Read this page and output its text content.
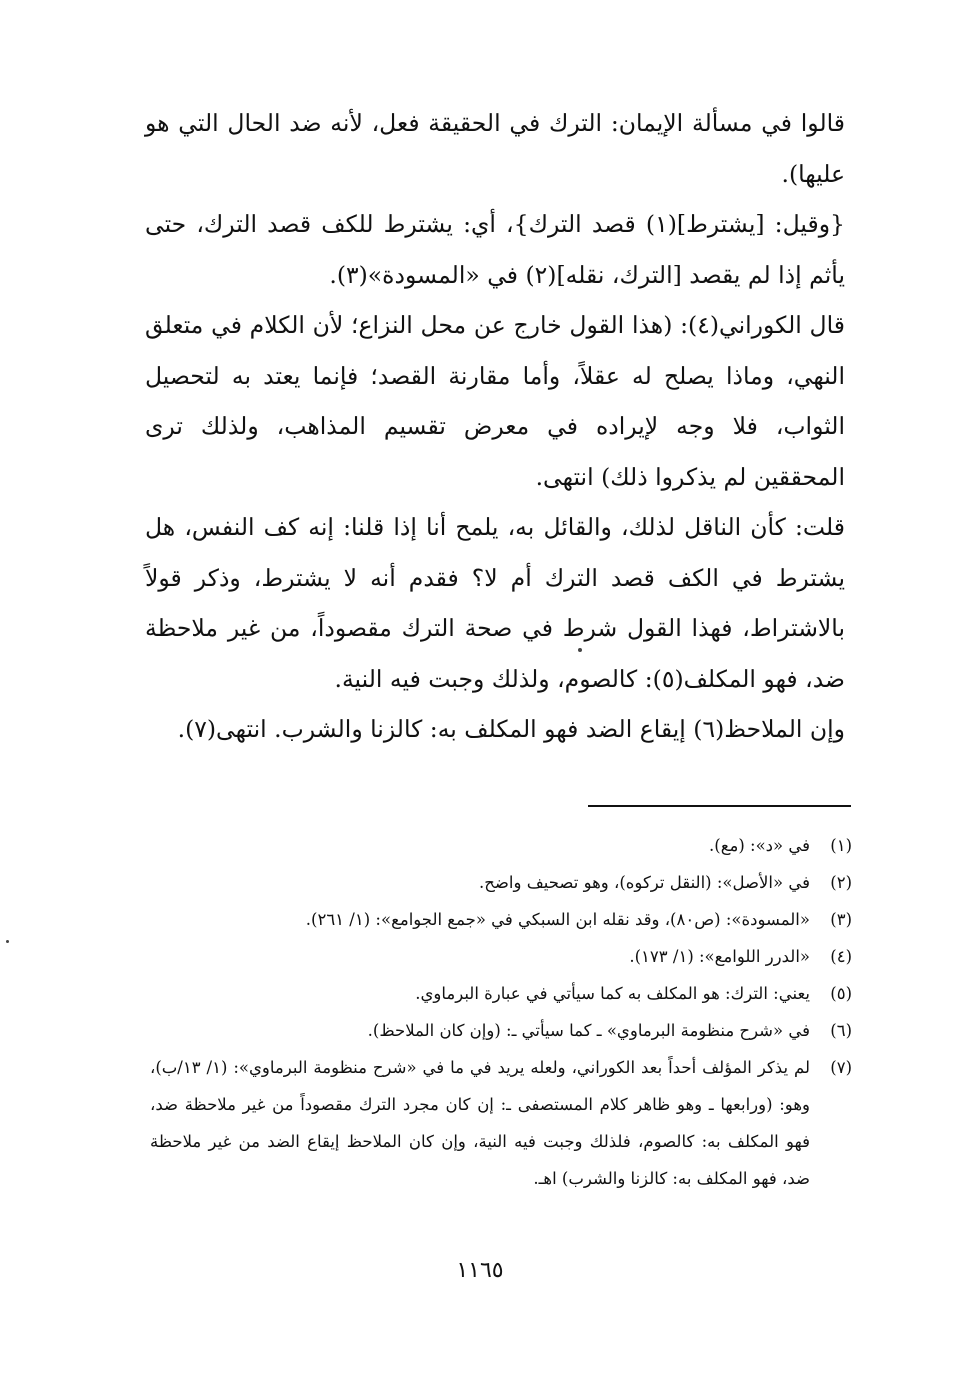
قالوا في مسألة الإيمان: الترك في الحقيقة فعل، لأنه ضد الحال التي هو عليها).

{وقيل: [يشترط](١) قصد الترك}، أي: يشترط للكف قصد الترك، حتى يأثم إذا لم يقصد [الترك، نقله](٢) في «المسودة»(٣).

قال الكوراني(٤): (هذا القول خارج عن محل النزاع؛ لأن الكلام في متعلق النهي، وماذا يصلح له عقلاً، وأما مقارنة القصد؛ فإنما يعتد به لتحصيل الثواب، فلا وجه لإيراده في معرض تقسيم المذاهب، ولذلك ترى المحققين لم يذكروا ذلك) انتهى.

قلت: كأن الناقل لذلك، والقائل به، يلمح أنا إذا قلنا: إنه كف النفس، هل يشترط في الكف قصد الترك أم لا؟ فقدم أنه لا يشترط، وذكر قولاً بالاشتراط، فهذا القول شرط في صحة الترك مقصوداً، من غير ملاحظة ضد، فهو المكلف(٥): كالصوم، ولذلك وجبت فيه النية.

وإن الملاحظ(٦) إيقاع الضد فهو المكلف به: كالزنا والشرب. انتهى(٧).

(١)
في «د»: (مع).
(٢)
في «الأصل»: (النقل تركوه)، وهو تصحيف واضح.
(٣)
«المسودة»: (ص٨٠)، وقد نقله ابن السبكي في «جمع الجوامع»: (١/ ٢٦١).
(٤)
«الدرر اللوامع»: (١/ ١٧٣).
(٥)
يعني: الترك: هو المكلف به كما سيأتي في عبارة البرماوي.
(٦)
في «شرح منظومة البرماوي» ـ كما سيأتي ـ: (وإن كان الملاحظ).
(٧)
لم يذكر المؤلف أحداً بعد الكوراني، ولعله يريد في ما في «شرح منظومة البرماوي»: (١/ ١٣/ب)، وهو: (ورابعها ـ وهو ظاهر كلام المستصفى ـ: إن كان مجرد الترك مقصوداً من غير ملاحظة ضد، فهو المكلف به: كالصوم، فلذلك وجبت فيه النية، وإن كان الملاحظ إيقاع الضد من غير ملاحظة ضد، فهو المكلف به: كالزنا والشرب) اهـ.
١١٦٥
